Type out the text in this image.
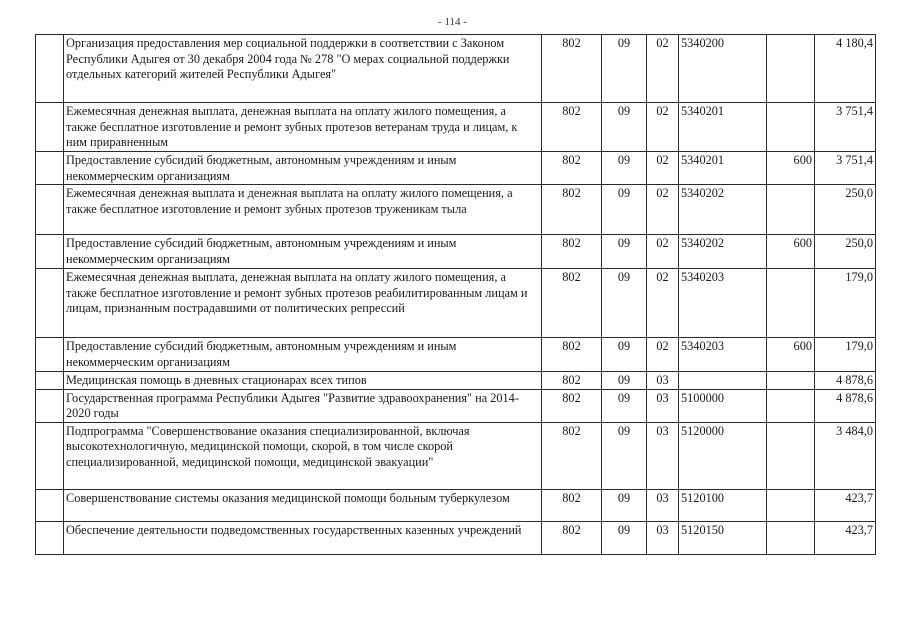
- 114 -
	Организация предоставления мер социальной поддержки в соответствии с Законом Республики Адыгея от 30 декабря 2004 года № 278 "О мерах социальной поддержки отдельных категорий жителей Республики Адыгея"	802	09	02	5340200		4 180,4
	Ежемесячная денежная выплата, денежная выплата на оплату жилого помещения, а также бесплатное изготовление и ремонт зубных протезов ветеранам труда и лицам, к ним приравненным	802	09	02	5340201		3 751,4
	Предоставление субсидий бюджетным, автономным учреждениям и иным некоммерческим организациям	802	09	02	5340201	600	3 751,4
	Ежемесячная денежная выплата и денежная выплата на оплату жилого помещения, а также бесплатное изготовление и ремонт зубных протезов труженикам тыла	802	09	02	5340202		250,0
	Предоставление субсидий бюджетным, автономным учреждениям и иным некоммерческим организациям	802	09	02	5340202	600	250,0
	Ежемесячная денежная выплата, денежная выплата на оплату жилого помещения, а также бесплатное изготовление и ремонт зубных протезов реабилитированным лицам и лицам, признанным пострадавшими от политических репрессий	802	09	02	5340203		179,0
	Предоставление субсидий бюджетным, автономным учреждениям и иным некоммерческим организациям	802	09	02	5340203	600	179,0
	Медицинская помощь в дневных стационарах всех типов	802	09	03			4 878,6
	Государственная программа Республики Адыгея "Развитие здравоохранения" на 2014-2020 годы	802	09	03	5100000		4 878,6
	Подпрограмма "Совершенствование оказания специализированной, включая высокотехнологичную, медицинской помощи, скорой, в том числе скорой специализированной, медицинской помощи, медицинской эвакуации"	802	09	03	5120000		3 484,0
	Совершенствование системы оказания медицинской помощи больным туберкулезом	802	09	03	5120100		423,7
	Обеспечение деятельности подведомственных государственных казенных учреждений	802	09	03	5120150		423,7
